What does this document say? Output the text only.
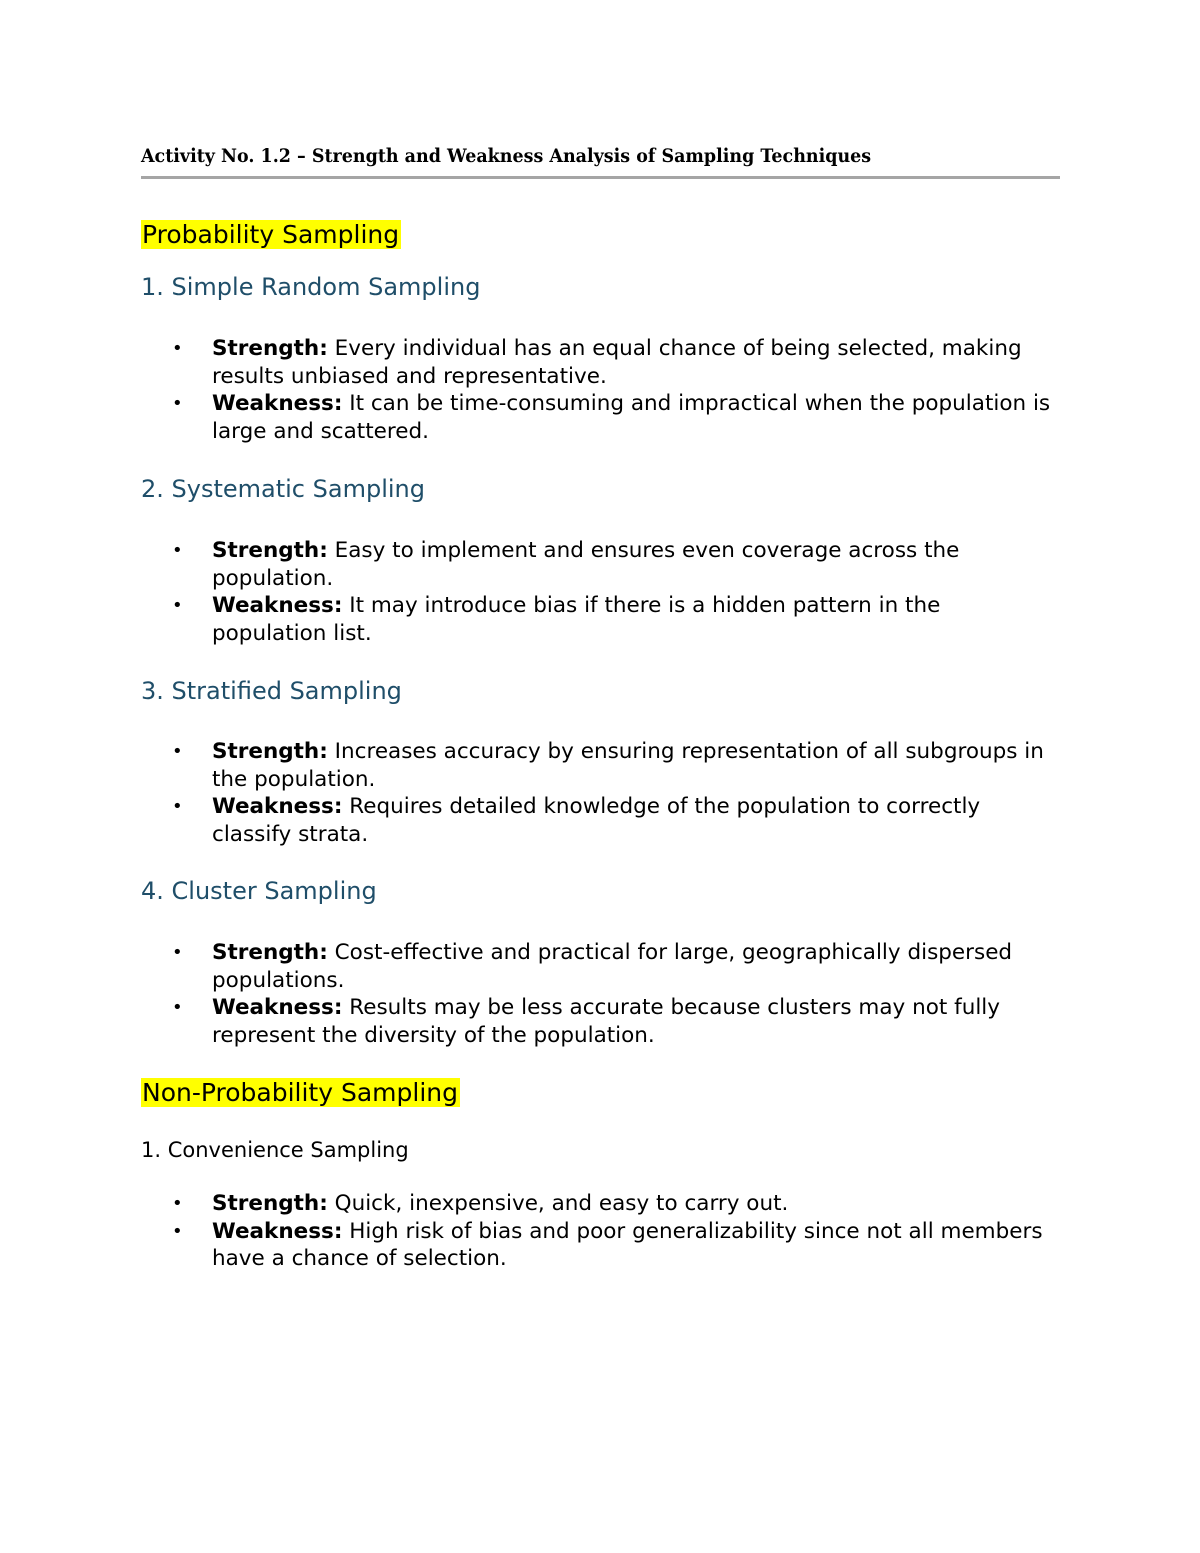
Activity No. 1.2 – Strength and Weakness Analysis of Sampling Techniques
Probability Sampling
1. Simple Random Sampling
• Strength: Every individual has an equal chance of being selected, making results unbiased and representative.
• Weakness: It can be time-consuming and impractical when the population is large and scattered.
2. Systematic Sampling
• Strength: Easy to implement and ensures even coverage across the population.
• Weakness: It may introduce bias if there is a hidden pattern in the population list.
3. Stratified Sampling
• Strength: Increases accuracy by ensuring representation of all subgroups in the population.
• Weakness: Requires detailed knowledge of the population to correctly classify strata.
4. Cluster Sampling
• Strength: Cost-effective and practical for large, geographically dispersed populations.
• Weakness: Results may be less accurate because clusters may not fully represent the diversity of the population.
Non-Probability Sampling
1. Convenience Sampling
• Strength: Quick, inexpensive, and easy to carry out.
• Weakness: High risk of bias and poor generalizability since not all members have a chance of selection.
